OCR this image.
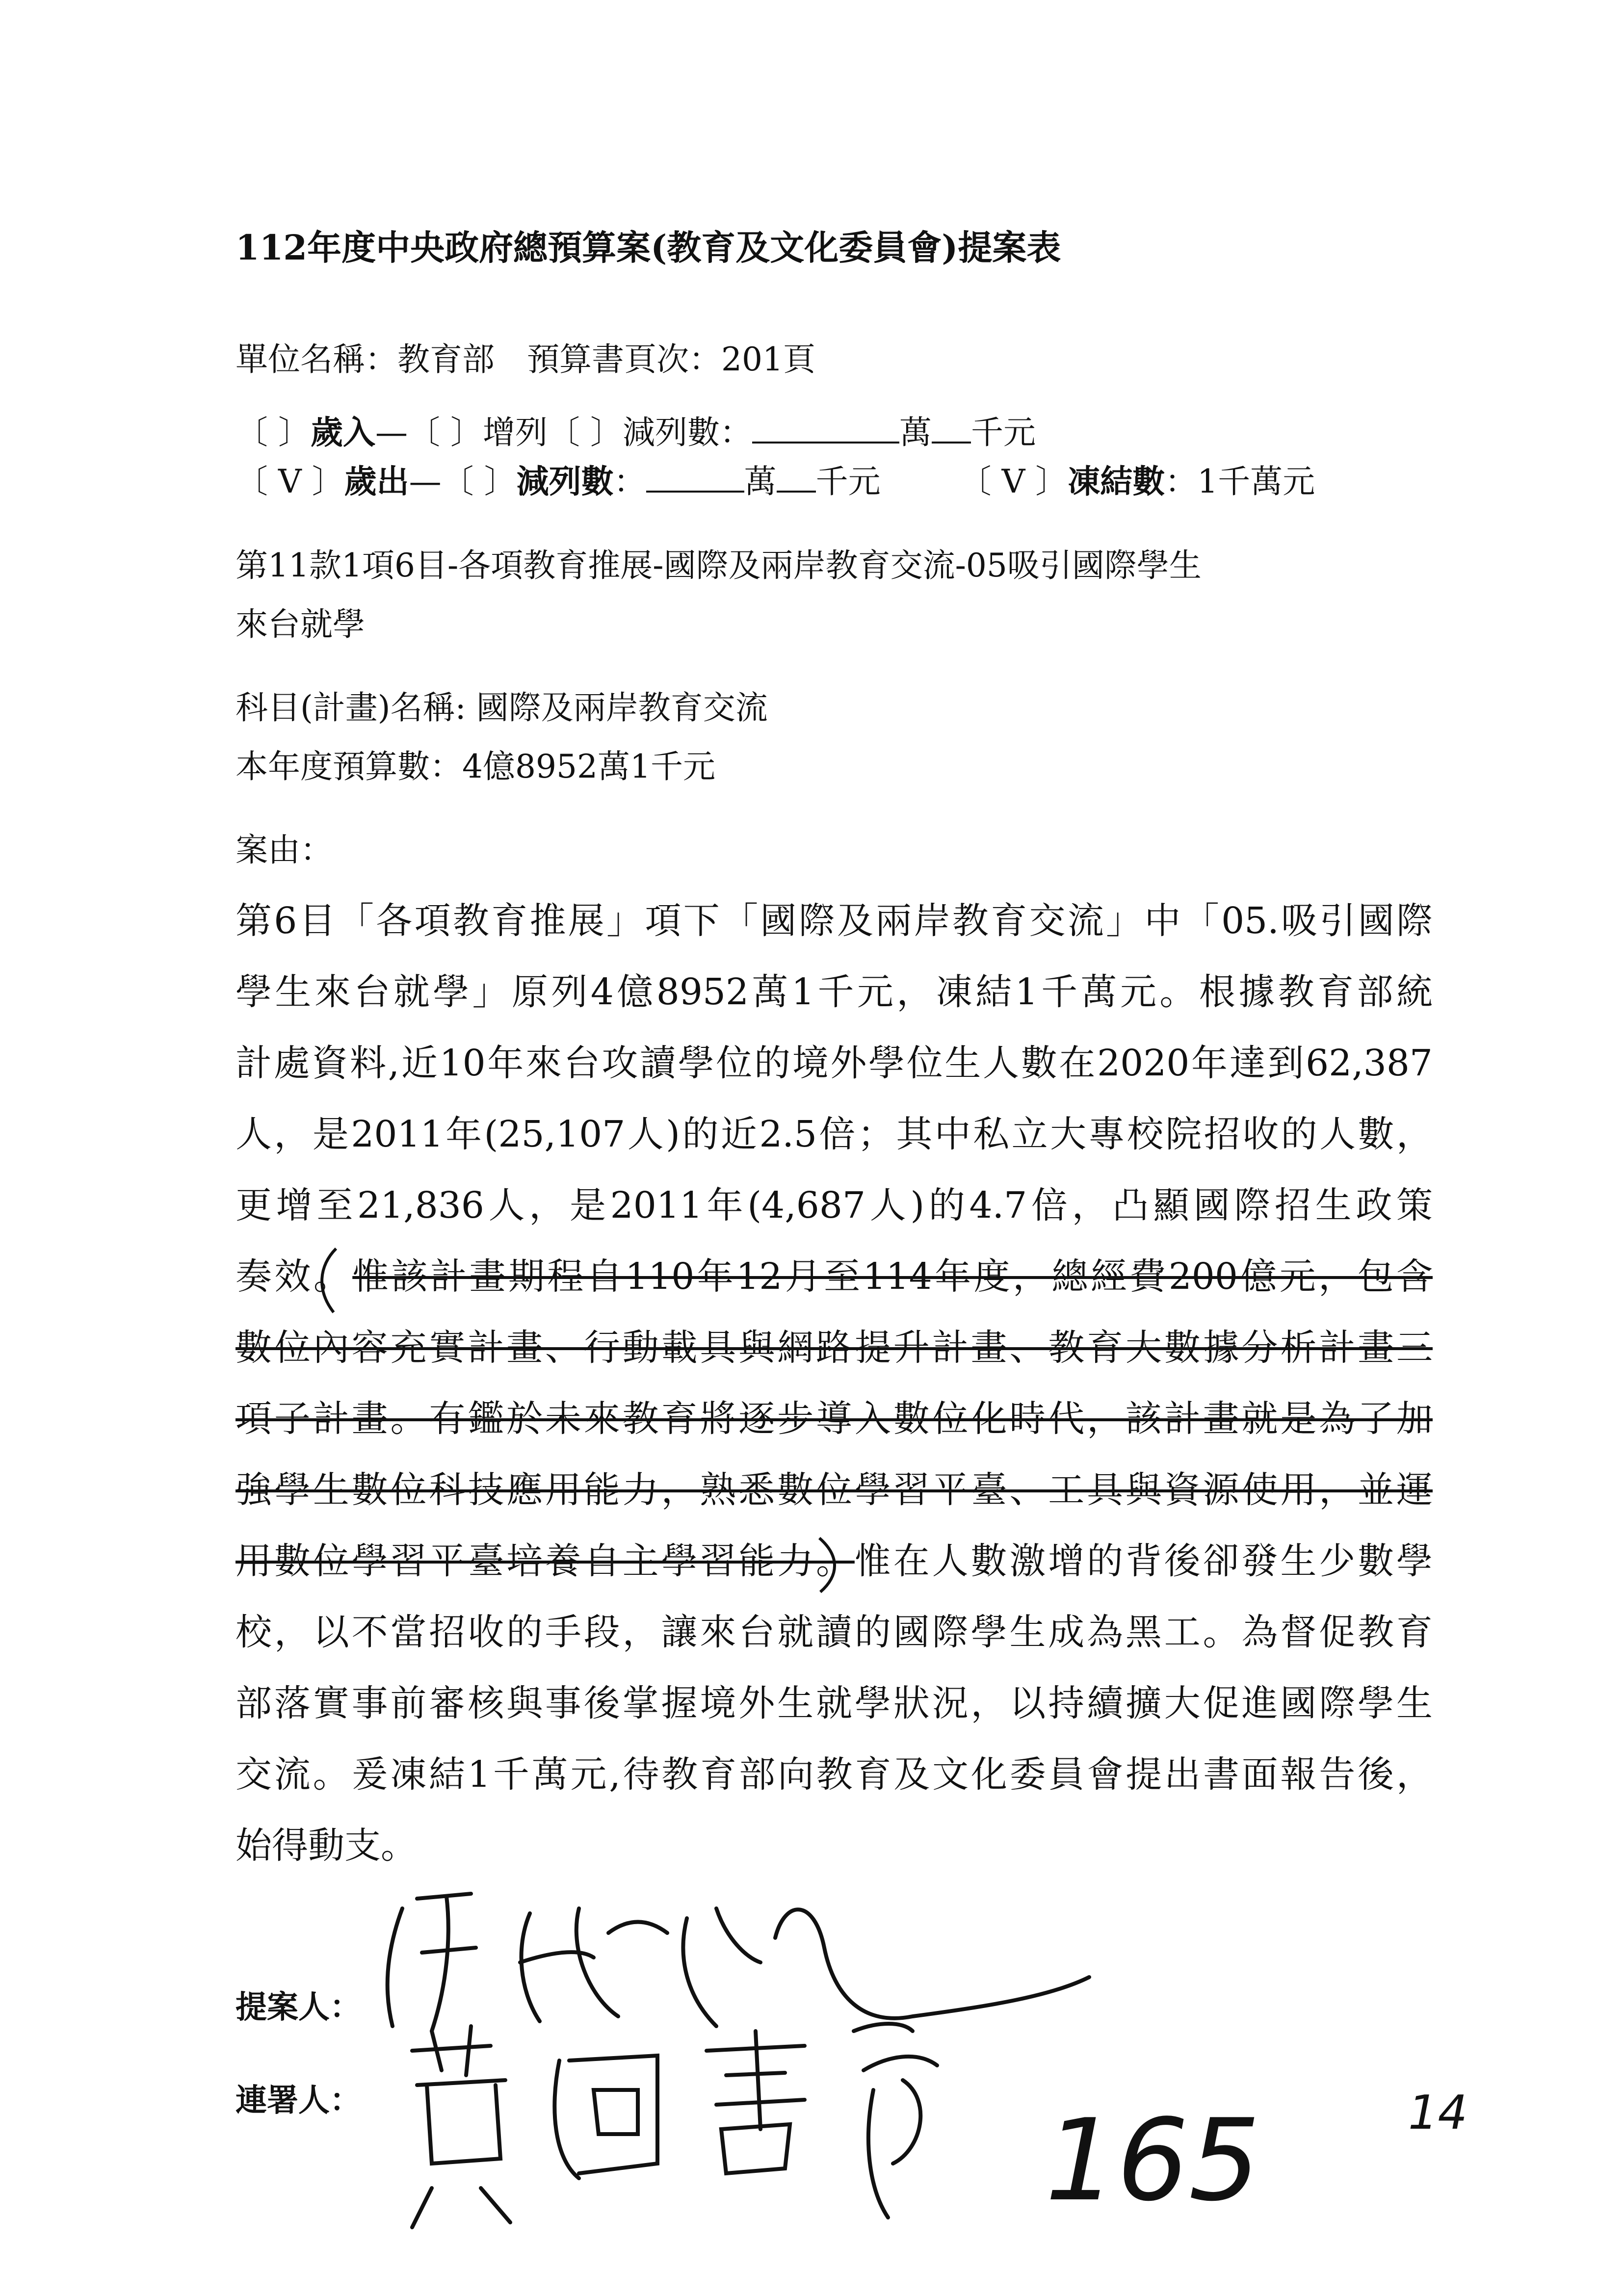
112年度中央政府總預算案(教育及文化委員會)提案表
單位名稱：教育部　預算書頁次：201頁
〔 〕歲入—〔 〕增列〔 〕減列數：	萬 千元
〔 V 〕歲出—〔 〕減列數：	萬 千元 〔 V 〕凍結數：1千萬元
第11款1項6目-各項教育推展-國際及兩岸教育交流-05吸引國際學生
來台就學
科目(計畫)名稱: 國際及兩岸教育交流
本年度預算數：4億8952萬1千元
案由：
第6目「各項教育推展」項下「國際及兩岸教育交流」中「05.吸引國際
學生來台就學」原列4億8952萬1千元，凍結1千萬元。根據教育部統
計處資料,近10年來台攻讀學位的境外學位生人數在2020年達到62,387
人，是2011年(25,107人)的近2.5倍；其中私立大專校院招收的人數，
更增至21,836人，是2011年(4,687人)的4.7倍，凸顯國際招生政策
奏效。惟該計畫期程自110年12月至114年度，總經費200億元，包含
數位內容充實計畫、行動載具與網路提升計畫、教育大數據分析計畫三
項子計畫。有鑑於未來教育將逐步導入數位化時代，該計畫就是為了加
強學生數位科技應用能力，熟悉數位學習平臺、工具與資源使用，並運
用數位學習平臺培養自主學習能力。惟在人數激增的背後卻發生少數學
校，以不當招收的手段，讓來台就讀的國際學生成為黑工。為督促教育
部落實事前審核與事後掌握境外生就學狀況，以持續擴大促進國際學生
交流。爰凍結1千萬元,待教育部向教育及文化委員會提出書面報告後，
始得動支。
提案人：
連署人：	165	14
